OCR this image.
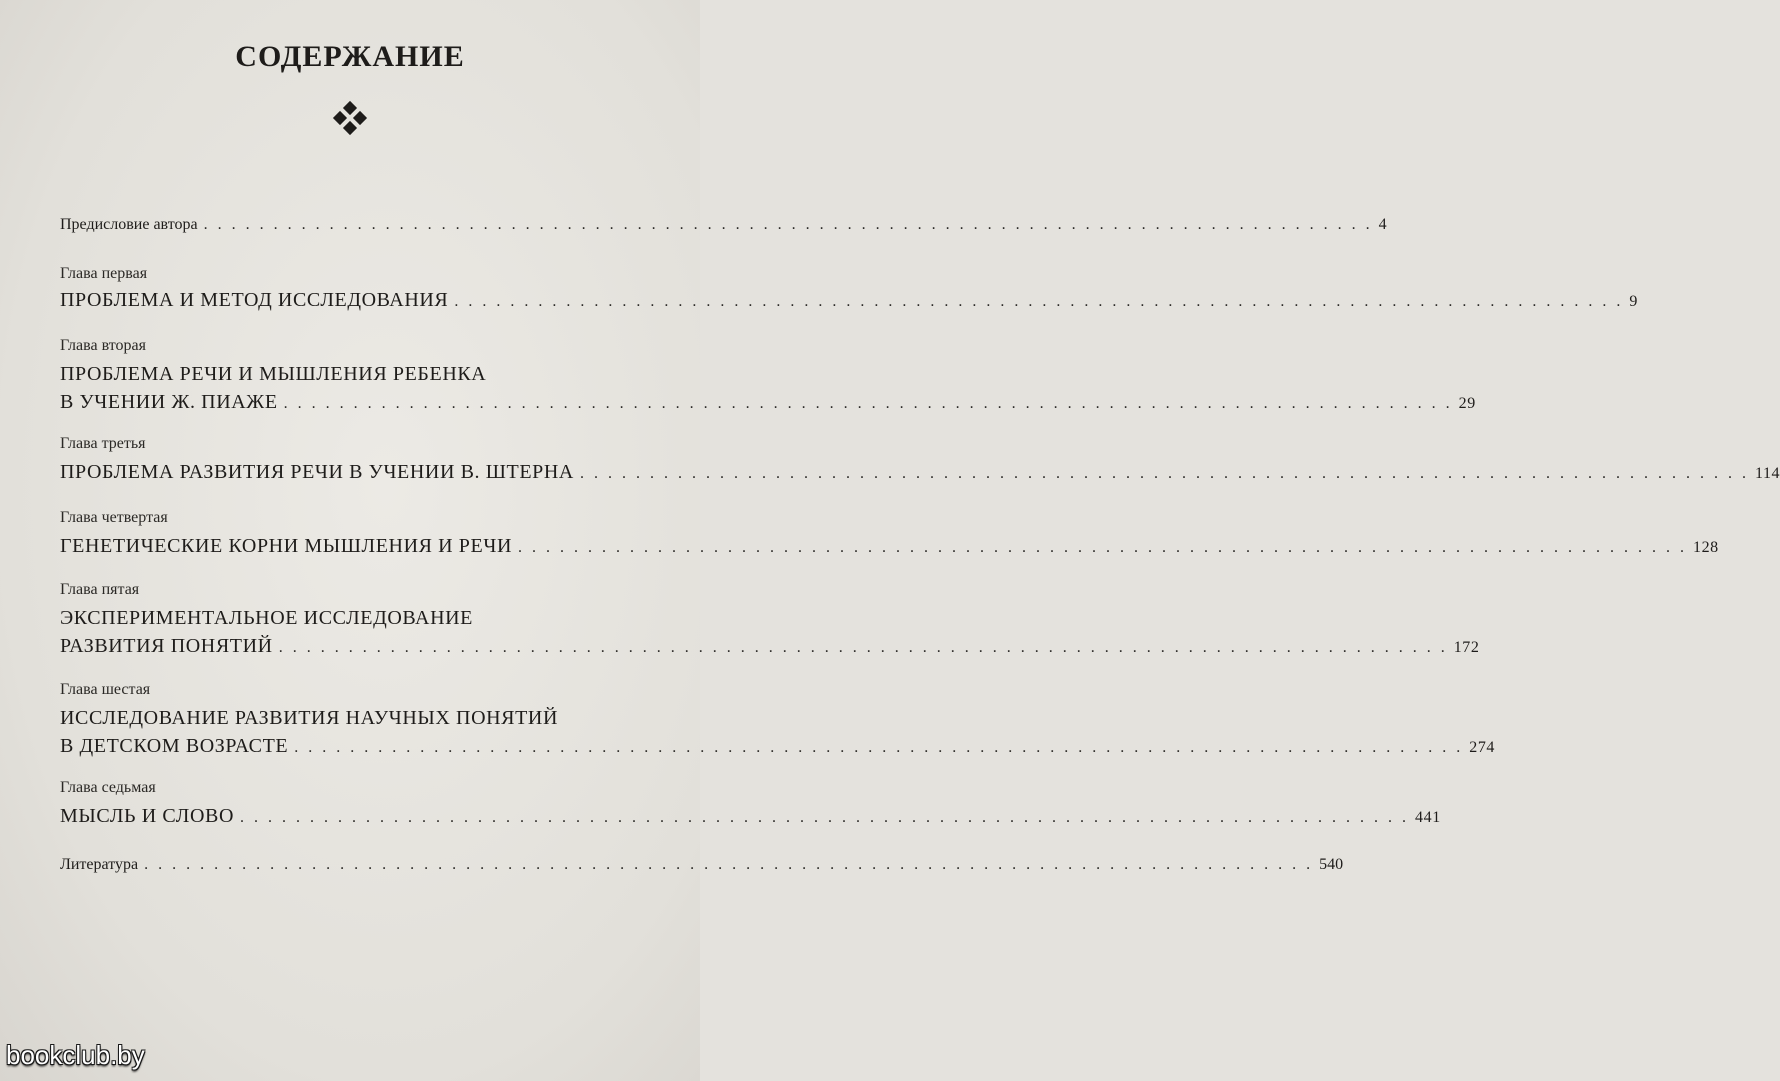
СОДЕРЖАНИЕ
Предисловие автора . . . . . . . . . . . . . . . . . . . . . . . . . . . . . . . . . . . . . . . . . . . . . . . . . . . . . . . . . . . . . . . . . . . . . . . . . . . . . . . . . . . . 4
Глава первая
ПРОБЛЕМА И МЕТОД ИССЛЕДОВАНИЯ . . . . . . . . . . . . . . . . . . . . . . . . . . . . . . . . . . . . . . . . . . . . . . . . . . . . . . . . . . . . . . . . . . . . . . . . . . . . . . . . . . . . 9
Глава вторая
ПРОБЛЕМА РЕЧИ И МЫШЛЕНИЯ РЕБЕНКА
В УЧЕНИИ Ж. ПИАЖЕ . . . . . . . . . . . . . . . . . . . . . . . . . . . . . . . . . . . . . . . . . . . . . . . . . . . . . . . . . . . . . . . . . . . . . . . . . . . . . . . . . . . . 29
Глава третья
ПРОБЛЕМА РАЗВИТИЯ РЕЧИ В УЧЕНИИ В. ШТЕРНА . . . . . . . . . . . . . . . . . . . . . . . . . . . . . . . . . . . . . . . . . . . . . . . . . . . . . . . . . . . . . . . . . . . . . . . . . . . . . . . . . . . . 114
Глава четвертая
ГЕНЕТИЧЕСКИЕ КОРНИ МЫШЛЕНИЯ И РЕЧИ . . . . . . . . . . . . . . . . . . . . . . . . . . . . . . . . . . . . . . . . . . . . . . . . . . . . . . . . . . . . . . . . . . . . . . . . . . . . . . . . . . . . 128
Глава пятая
ЭКСПЕРИМЕНТАЛЬНОЕ ИССЛЕДОВАНИЕ
РАЗВИТИЯ ПОНЯТИЙ . . . . . . . . . . . . . . . . . . . . . . . . . . . . . . . . . . . . . . . . . . . . . . . . . . . . . . . . . . . . . . . . . . . . . . . . . . . . . . . . . . . . 172
Глава шестая
ИССЛЕДОВАНИЕ РАЗВИТИЯ НАУЧНЫХ ПОНЯТИЙ
В ДЕТСКОМ ВОЗРАСТЕ . . . . . . . . . . . . . . . . . . . . . . . . . . . . . . . . . . . . . . . . . . . . . . . . . . . . . . . . . . . . . . . . . . . . . . . . . . . . . . . . . . . . 274
Глава седьмая
МЫСЛЬ И СЛОВО . . . . . . . . . . . . . . . . . . . . . . . . . . . . . . . . . . . . . . . . . . . . . . . . . . . . . . . . . . . . . . . . . . . . . . . . . . . . . . . . . . . . 441
Литература . . . . . . . . . . . . . . . . . . . . . . . . . . . . . . . . . . . . . . . . . . . . . . . . . . . . . . . . . . . . . . . . . . . . . . . . . . . . . . . . . . . . 540
bookclub.by
